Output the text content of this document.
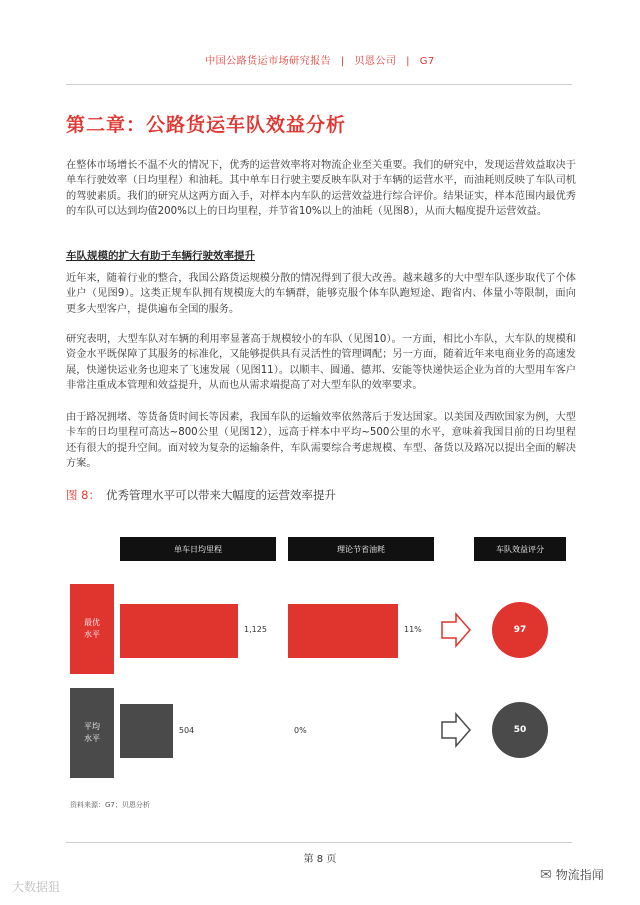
中国公路货运市场研究报告 | 贝恩公司 | G7
第二章：公路货运车队效益分析
在整体市场增长不温不火的情况下，优秀的运营效率将对物流企业至关重要。我们的研究中，发现运营效益取决于单车行驶效率（日均里程）和油耗。其中单车日行驶主要反映车队对于车辆的运营水平，而油耗则反映了车队司机的驾驶素质。我们的研究从这两方面入手，对样本内车队的运营效益进行综合评价。结果证实，样本范围内最优秀的车队可以达到均值200%以上的日均里程，并节省10%以上的油耗（见图8），从而大幅度提升运营效益。
车队规模的扩大有助于车辆行驶效率提升
近年来，随着行业的整合，我国公路货运规模分散的情况得到了很大改善。越来越多的大中型车队逐步取代了个体业户（见图9）。这类正规车队拥有规模庞大的车辆群，能够克服个体车队跑短途、跑省内、体量小等限制，面向更多大型客户，提供遍布全国的服务。
研究表明，大型车队对车辆的利用率显著高于规模较小的车队（见图10）。一方面，相比小车队，大车队的规模和资金水平既保障了其服务的标准化，又能够提供具有灵活性的管理调配；另一方面，随着近年来电商业务的高速发展，快递快运业务也迎来了飞速发展（见图11）。以顺丰、圆通、德邦、安能等快递快运企业为首的大型用车客户非常注重成本管理和效益提升，从而也从需求端提高了对大型车队的效率要求。
由于路况拥堵、等货备货时间长等因素，我国车队的运输效率依然落后于发达国家。以美国及西欧国家为例，大型卡车的日均里程可高达~800公里（见图12），远高于样本中平均~500公里的水平，意味着我国目前的日均里程还有很大的提升空间。面对较为复杂的运输条件，车队需要综合考虑规模、车型、备货以及路况以提出全面的解决方案。
图 8： 优秀管理水平可以带来大幅度的运营效率提升
单车日均里程	理论节省油耗	车队效益评分
最优
水平
平均
水平
1,125
504
11%
0%
97
50
资料来源：G7；贝恩分析
第 8 页
大数据狙
✉ 物流指闻
